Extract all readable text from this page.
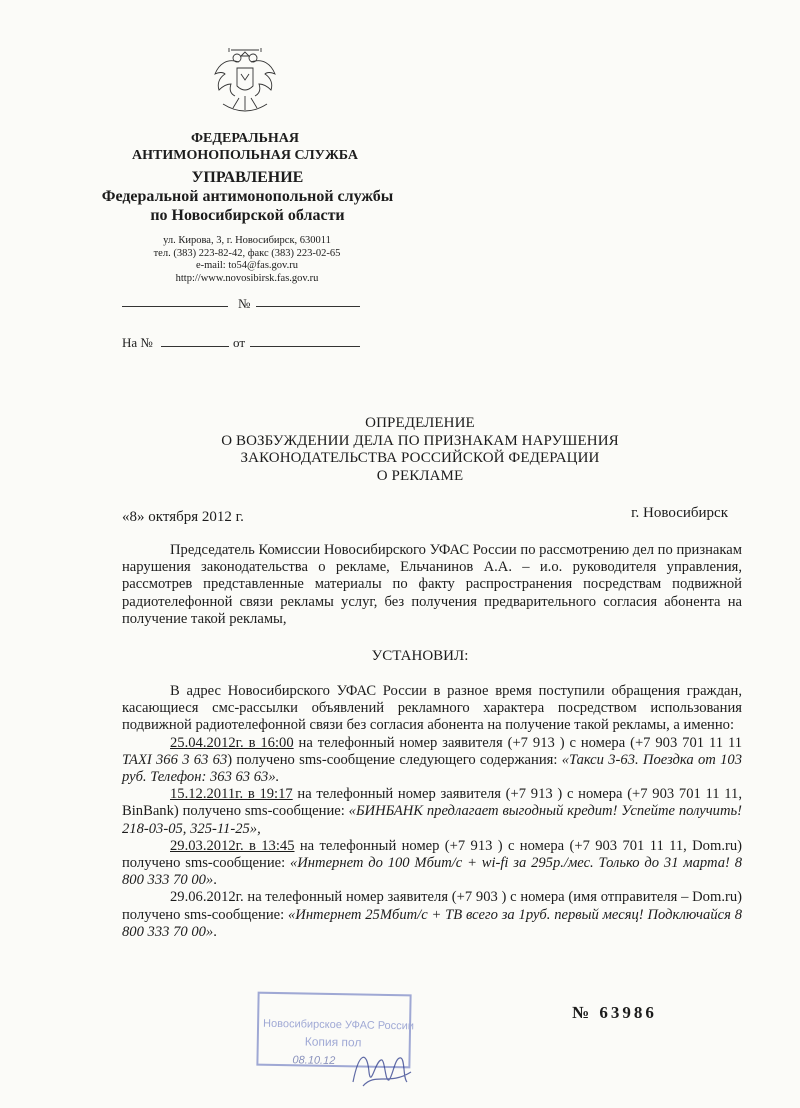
ФЕДЕРАЛЬНАЯ
АНТИМОНОПОЛЬНАЯ СЛУЖБА
УПРАВЛЕНИЕ
Федеральной антимонопольной службы
по Новосибирской области
ул. Кирова, 3, г. Новосибирск, 630011
тел. (383) 223-82-42, факс (383) 223-02-65
e-mail: to54@fas.gov.ru
http://www.novosibirsk.fas.gov.ru
№
На №	от
ОПРЕДЕЛЕНИЕ
О ВОЗБУЖДЕНИИ ДЕЛА ПО ПРИЗНАКАМ НАРУШЕНИЯ
ЗАКОНОДАТЕЛЬСТВА РОССИЙСКОЙ ФЕДЕРАЦИИ
О РЕКЛАМЕ
«8» октября 2012 г.	г. Новосибирск

Председатель Комиссии Новосибирского УФАС России по рассмотрению дел по признакам нарушения законодательства о рекламе, Ельчанинов А.А. – и.о. руководителя управления, рассмотрев представленные материалы по факту распространения посредствам подвижной радиотелефонной связи рекламы услуг, без получения предварительного согласия абонента на получение такой рекламы,

УСТАНОВИЛ:

В адрес Новосибирского УФАС России в разное время поступили обращения граждан, касающиеся смс-рассылки объявлений рекламного характера посредством использования подвижной радиотелефонной связи без согласия абонента на получение такой рекламы, а именно:

25.04.2012г. в 16:00 на телефонный номер заявителя (+7 913 ) с номера (+7 903 701 11 11 TAXI 366 3 63 63) получено sms-сообщение следующего содержания: «Такси 3-63. Поездка от 103 руб. Телефон: 363 63 63».

15.12.2011г. в 19:17 на телефонный номер заявителя (+7 913 ) с номера (+7 903 701 11 11, BinBank) получено sms-сообщение: «БИНБАНК предлагает выгодный кредит! Успейте получить! 218-03-05, 325-11-25»,

29.03.2012г. в 13:45 на телефонный номер (+7 913 ) с номера (+7 903 701 11 11, Dom.ru) получено sms-сообщение: «Интернет до 100 Мбит/с + wi-fi за 295р./мес. Только до 31 марта! 8 800 333 70 00».

29.06.2012г. на телефонный номер заявителя (+7 903 ) с номера (имя отправителя – Dom.ru) получено sms-сообщение: «Интернет 25Мбит/с + ТВ всего за 1руб. первый месяц! Подключайся 8 800 333 70 00».

Новосибирское УФАС России
Копия пол
08.10.12
№ 63986
